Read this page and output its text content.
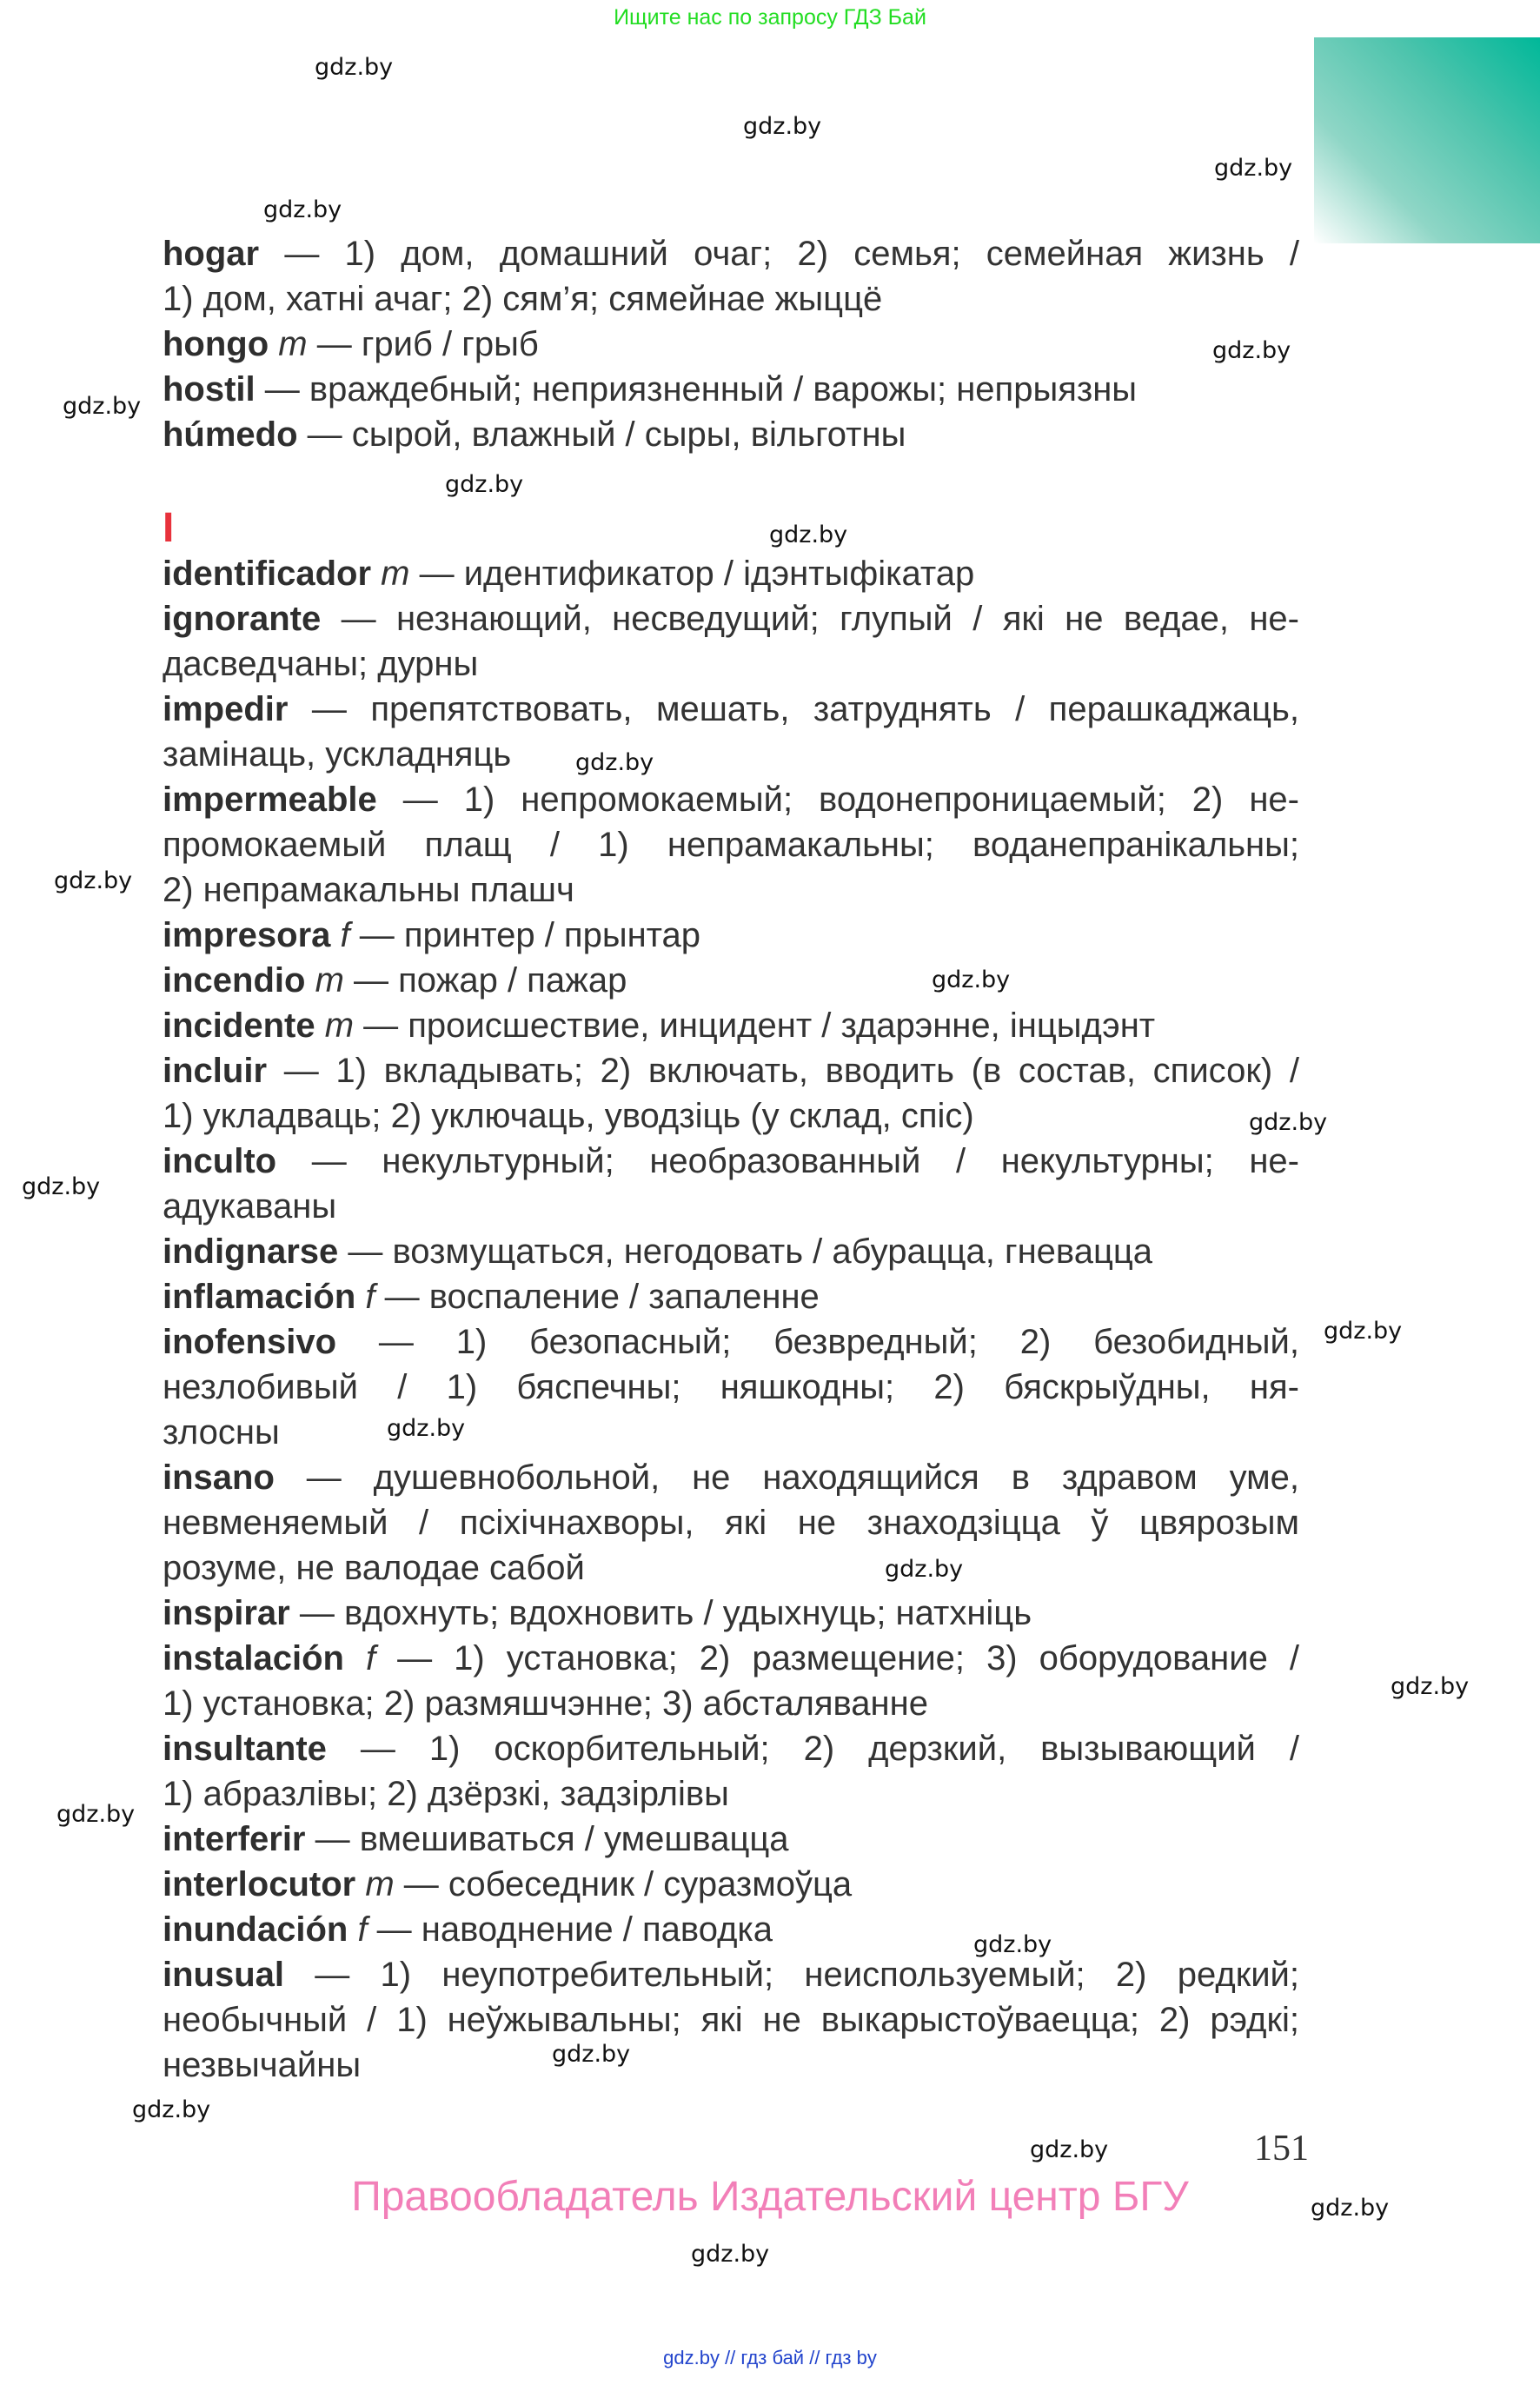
Ищите нас по запросу ГДЗ Бай
I
hogar — 1) дом, домашний очаг; 2) семья; семейная жизнь /
1) дом, хатні ачаг; 2) сям’я; сямейнае жыццё
hongo m — гриб / грыб
hostil — враждебный; неприязненный / варожы; непрыязны
húmedo — сырой, влажный / сыры, вільготны
identificador m — идентификатор / ідэнтыфікатар
ignorante — незнающий, несведущий; глупый / які не ведае, не-
дасведчаны; дурны
impedir — препятствовать, мешать, затруднять / перашкаджаць,
замінаць, ускладняць
impermeable — 1) непромокаемый; водонепроницаемый; 2) не-
промокаемый плащ / 1) непрамакальны; воданепранікальны;
2) непрамакальны плашч
impresora f — принтер / прынтар
incendio m — пожар / пажар
incidente m — происшествие, инцидент / здарэнне, інцыдэнт
incluir — 1) вкладывать; 2) включать, вводить (в состав, список) /
1) укладваць; 2) уключаць, уводзіць (у склад, спіс)
inculto — некультурный; необразованный / некультурны; не-
адукаваны
indignarse — возмущаться, негодовать / абурацца, гневацца
inflamación f — воспаление / запаленне
inofensivo — 1) безопасный; безвредный; 2) безобидный,
незлобивый / 1) бяспечны; няшкодны; 2) бяскрыўдны, ня-
злосны
insano — душевнобольной, не находящийся в здравом уме,
невменяемый / псіхічнахворы, які не знаходзіцца ў цвярозым
розуме, не валодае сабой
inspirar — вдохнуть; вдохновить / удыхнуць; натхніць
instalación f — 1) установка; 2) размещение; 3) оборудование /
1) установка; 2) размяшчэнне; 3) абсталяванне
insultante — 1) оскорбительный; 2) дерзкий, вызывающий /
1) абразлівы; 2) дзёрзкі, задзірлівы
interferir — вмешиваться / умешвацца
interlocutor m — собеседник / суразмоўца
inundación f — наводнение / паводка
inusual — 1) неупотребительный; неиспользуемый; 2) редкий;
необычный / 1) неўжывальны; які не выкарыстоўваецца; 2) рэдкі;
незвычайны
gdz.by
gdz.by
gdz.by
gdz.by
gdz.by
gdz.by
gdz.by
gdz.by
gdz.by
gdz.by
gdz.by
gdz.by
gdz.by
gdz.by
gdz.by
gdz.by
gdz.by
gdz.by
gdz.by
gdz.by
gdz.by
gdz.by
gdz.by
gdz.by
151
Правообладатель Издательский центр БГУ
gdz.by // гдз бай // гдз by
